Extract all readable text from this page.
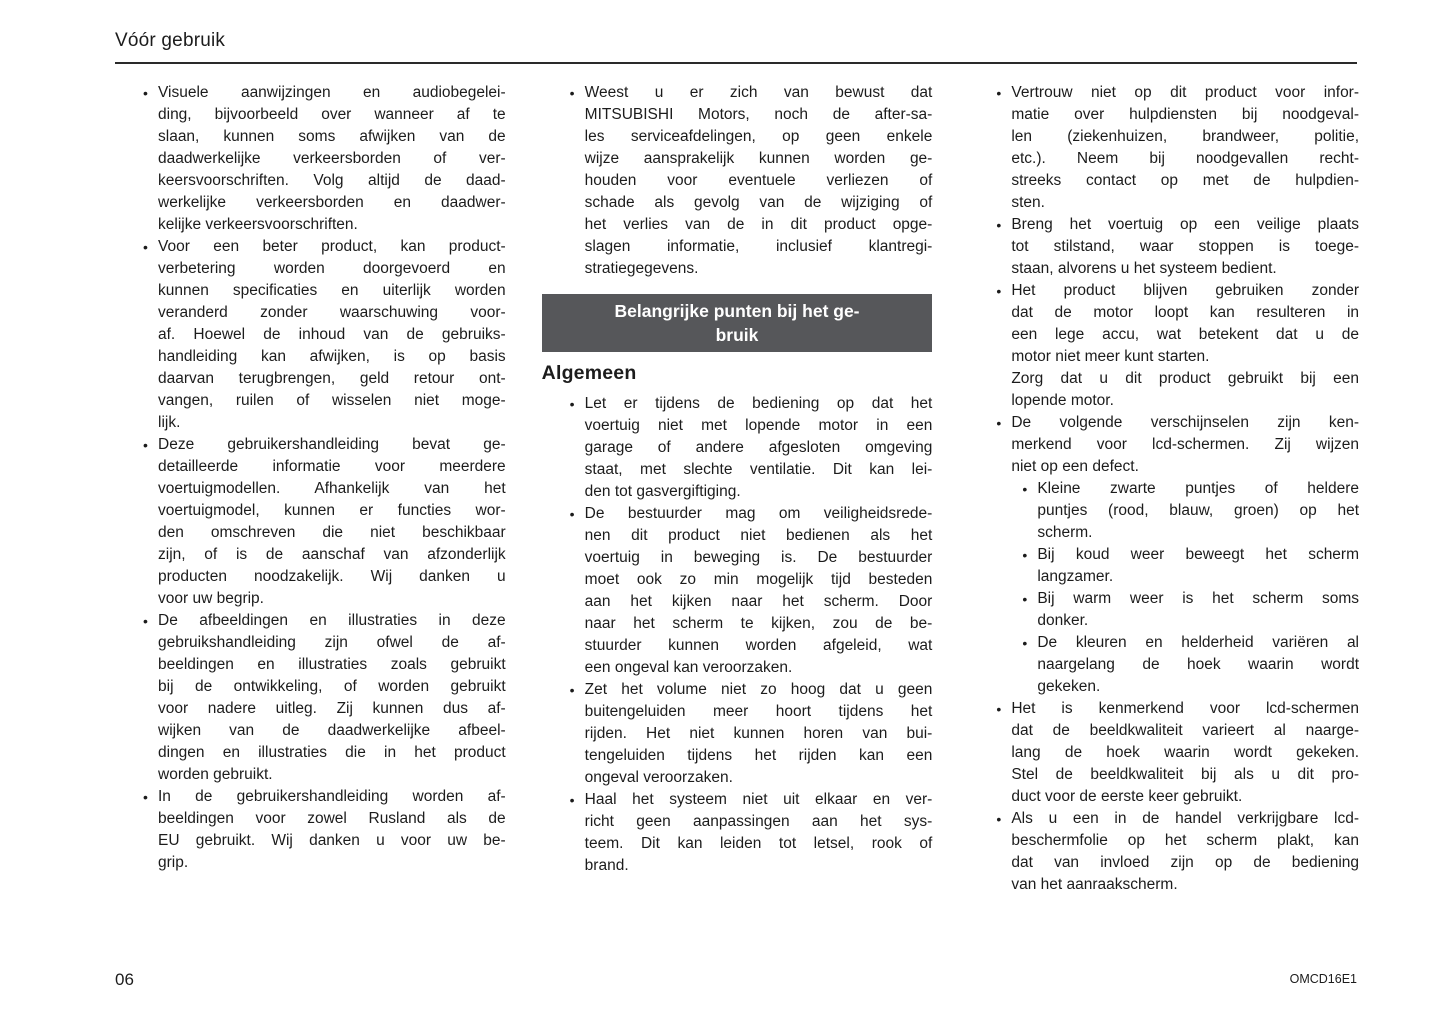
Vóór gebruik
• Visuele aanwijzingen en audiobegelei-
ding, bijvoorbeeld over wanneer af te
slaan, kunnen soms afwijken van de
daadwerkelijke verkeersborden of ver-
keersvoorschriften. Volg altijd de daad-
werkelijke verkeersborden en daadwer-
kelijke verkeersvoorschriften.
• Voor een beter product, kan product-
verbetering worden doorgevoerd en
kunnen specificaties en uiterlijk worden
veranderd zonder waarschuwing voor-
af. Hoewel de inhoud van de gebruiks-
handleiding kan afwijken, is op basis
daarvan terugbrengen, geld retour ont-
vangen, ruilen of wisselen niet moge-
lijk.
• Deze gebruikershandleiding bevat ge-
detailleerde informatie voor meerdere
voertuigmodellen. Afhankelijk van het
voertuigmodel, kunnen er functies wor-
den omschreven die niet beschikbaar
zijn, of is de aanschaf van afzonderlijk
producten noodzakelijk. Wij danken u
voor uw begrip.
• De afbeeldingen en illustraties in deze
gebruikshandleiding zijn ofwel de af-
beeldingen en illustraties zoals gebruikt
bij de ontwikkeling, of worden gebruikt
voor nadere uitleg. Zij kunnen dus af-
wijken van de daadwerkelijke afbeel-
dingen en illustraties die in het product
worden gebruikt.
• In de gebruikershandleiding worden af-
beeldingen voor zowel Rusland als de
EU gebruikt. Wij danken u voor uw be-
grip.
• Weest u er zich van bewust dat
MITSUBISHI Motors, noch de after-sa-
les serviceafdelingen, op geen enkele
wijze aansprakelijk kunnen worden ge-
houden voor eventuele verliezen of
schade als gevolg van de wijziging of
het verlies van de in dit product opge-
slagen informatie, inclusief klantregi-
stratiegegevens.
Belangrijke punten bij het ge-
bruik
Algemeen
• Let er tijdens de bediening op dat het
voertuig niet met lopende motor in een
garage of andere afgesloten omgeving
staat, met slechte ventilatie. Dit kan lei-
den tot gasvergiftiging.
• De bestuurder mag om veiligheidsrede-
nen dit product niet bedienen als het
voertuig in beweging is. De bestuurder
moet ook zo min mogelijk tijd besteden
aan het kijken naar het scherm. Door
naar het scherm te kijken, zou de be-
stuurder kunnen worden afgeleid, wat
een ongeval kan veroorzaken.
• Zet het volume niet zo hoog dat u geen
buitengeluiden meer hoort tijdens het
rijden. Het niet kunnen horen van bui-
tengeluiden tijdens het rijden kan een
ongeval veroorzaken.
• Haal het systeem niet uit elkaar en ver-
richt geen aanpassingen aan het sys-
teem. Dit kan leiden tot letsel, rook of
brand.
• Vertrouw niet op dit product voor infor-
matie over hulpdiensten bij noodgeval-
len (ziekenhuizen, brandweer, politie,
etc.). Neem bij noodgevallen recht-
streeks contact op met de hulpdien-
sten.
• Breng het voertuig op een veilige plaats
tot stilstand, waar stoppen is toege-
staan, alvorens u het systeem bedient.
• Het product blijven gebruiken zonder
dat de motor loopt kan resulteren in
een lege accu, wat betekent dat u de
motor niet meer kunt starten.
Zorg dat u dit product gebruikt bij een
lopende motor.
• De volgende verschijnselen zijn ken-
merkend voor lcd-schermen. Zij wijzen
niet op een defect.
• Kleine zwarte puntjes of heldere
puntjes (rood, blauw, groen) op het
scherm.
• Bij koud weer beweegt het scherm
langzamer.
• Bij warm weer is het scherm soms
donker.
• De kleuren en helderheid variëren al
naargelang de hoek waarin wordt
gekeken.
• Het is kenmerkend voor lcd-schermen
dat de beeldkwaliteit varieert al naarge-
lang de hoek waarin wordt gekeken.
Stel de beeldkwaliteit bij als u dit pro-
duct voor de eerste keer gebruikt.
• Als u een in de handel verkrijgbare lcd-
beschermfolie op het scherm plakt, kan
dat van invloed zijn op de bediening
van het aanraakscherm.
06	OMCD16E1
